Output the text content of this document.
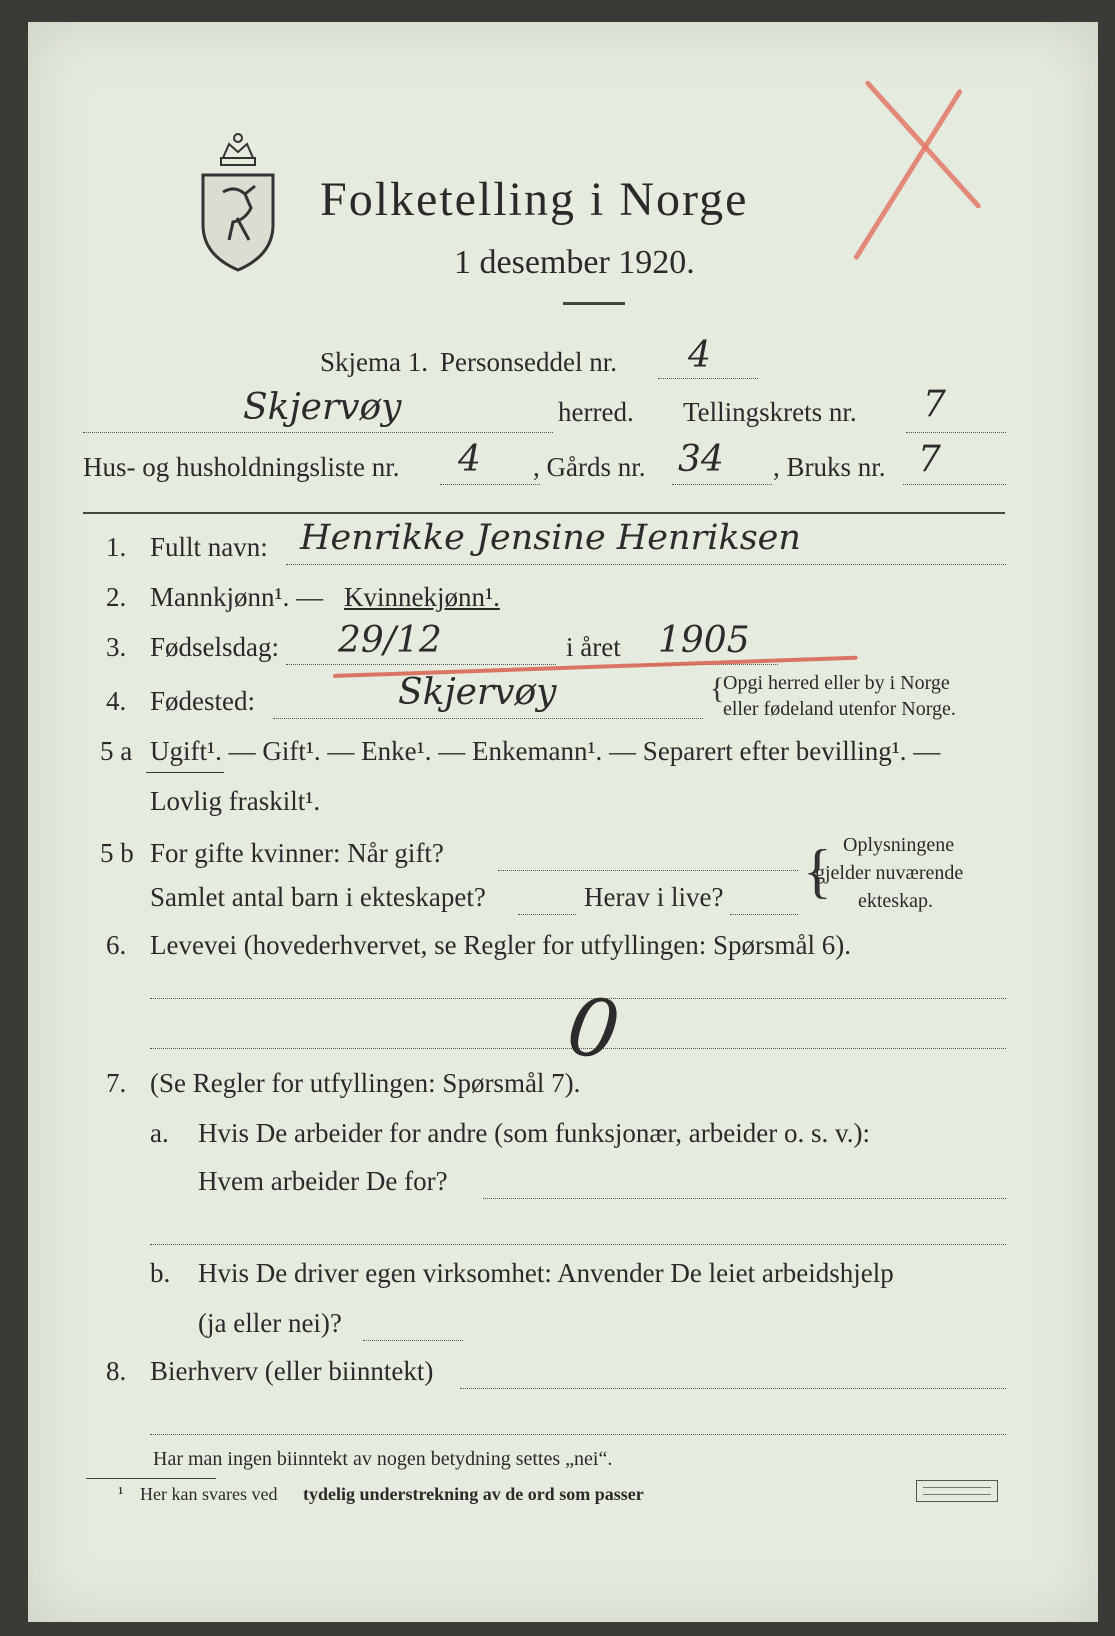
Folketelling i Norge
1 desember 1920.
Skjema 1. Personseddel nr. 4
Skjervøy	herred. Tellingskrets nr. 7
Hus- og husholdningsliste nr. 4 , Gårds nr. 34 , Bruks nr. 7
1. Fullt navn: Henrikke Jensine Henriksen
2. Mannkjønn¹. — Kvinnekjønn¹.
3. Fødselsdag: 29/12	i året 1905
4. Fødested:	Skjervøy	{
Opgi herred eller by i Norge
eller fødeland utenfor Norge.
5 a Ugift¹. — Gift¹. — Enke¹. — Enkemann¹. — Separert efter bevilling¹. —
Lovlig fraskilt¹.
5 b For gifte kvinner: Når gift?
Samlet antal barn i ekteskapet?	Herav i live? { Oplysningene
gjelder nuværende
ekteskap.
6. Levevei (hovederhvervet, se Regler for utfyllingen: Spørsmål 6).
0
7. (Se Regler for utfyllingen: Spørsmål 7).
a. Hvis De arbeider for andre (som funksjonær, arbeider o. s. v.):
Hvem arbeider De for?
b. Hvis De driver egen virksomhet: Anvender De leiet arbeidshjelp
(ja eller nei)?
8. Bierhverv (eller biinntekt)
Har man ingen biinntekt av nogen betydning settes „nei“.
¹ Her kan svares ved tydelig understrekning av de ord som passer
